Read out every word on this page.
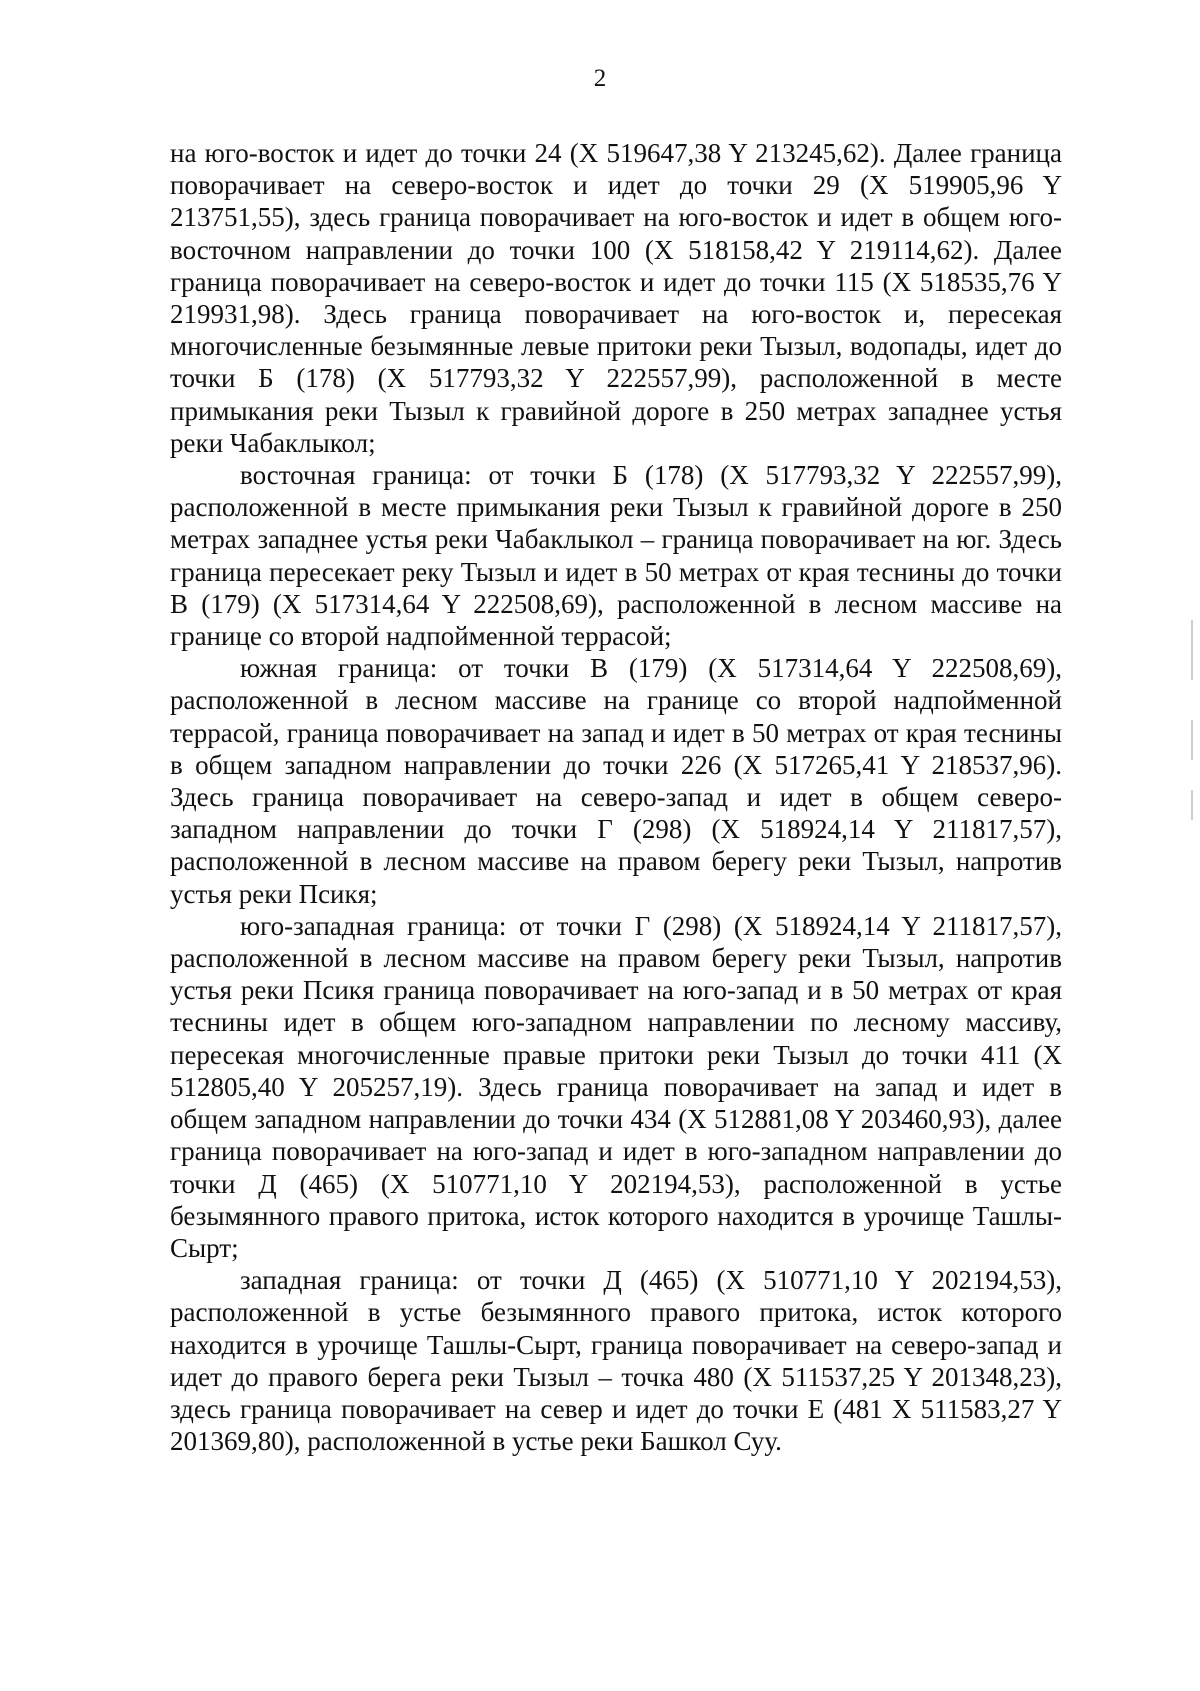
2

на юго-восток и идет до точки 24 (X 519647,38 Y 213245,62). Далее граница поворачивает на северо-восток и идет до точки 29 (X 519905,96 Y 213751,55), здесь граница поворачивает на юго-восток и идет в общем юго-восточном направлении до точки 100 (X 518158,42 Y 219114,62). Далее граница поворачивает на северо-восток и идет до точки 115 (X 518535,76 Y 219931,98). Здесь граница поворачивает на юго-восток и, пересекая многочисленные безымянные левые притоки реки Тызыл, водопады, идет до точки Б (178) (X 517793,32 Y 222557,99), расположенной в месте примыкания реки Тызыл к гравийной дороге в 250 метрах западнее устья реки Чабаклыкол;

восточная граница: от точки Б (178) (X 517793,32 Y 222557,99), расположенной в месте примыкания реки Тызыл к гравийной дороге в 250 метрах западнее устья реки Чабаклыкол – граница поворачивает на юг. Здесь граница пересекает реку Тызыл и идет в 50 метрах от края теснины до точки В (179) (X 517314,64 Y 222508,69), расположенной в лесном массиве на границе со второй надпойменной террасой;

южная граница: от точки В (179) (X 517314,64 Y 222508,69), расположенной в лесном массиве на границе со второй надпойменной террасой, граница поворачивает на запад и идет в 50 метрах от края теснины в общем западном направлении до точки 226 (X 517265,41 Y 218537,96). Здесь граница поворачивает на северо-запад и идет в общем северо-западном направлении до точки Г (298) (X 518924,14 Y 211817,57), расположенной в лесном массиве на правом берегу реки Тызыл, напротив устья реки Псикя;

юго-западная граница: от точки Г (298) (X 518924,14 Y 211817,57), расположенной в лесном массиве на правом берегу реки Тызыл, напротив устья реки Псикя граница поворачивает на юго-запад и в 50 метрах от края теснины идет в общем юго-западном направлении по лесному массиву, пересекая многочисленные правые притоки реки Тызыл до точки 411 (X 512805,40 Y 205257,19). Здесь граница поворачивает на запад и идет в общем западном направлении до точки 434 (X 512881,08 Y 203460,93), далее граница поворачивает на юго-запад и идет в юго-западном направлении до точки Д (465) (X 510771,10 Y 202194,53), расположенной в устье безымянного правого притока, исток которого находится в урочище Ташлы-Сырт;

западная граница: от точки Д (465) (X 510771,10 Y 202194,53), расположенной в устье безымянного правого притока, исток которого находится в урочище Ташлы-Сырт, граница поворачивает на северо-запад и идет до правого берега реки Тызыл – точка 480 (X 511537,25 Y 201348,23), здесь граница поворачивает на север и идет до точки Е (481 X 511583,27 Y 201369,80), расположенной в устье реки Башкол Суу.
